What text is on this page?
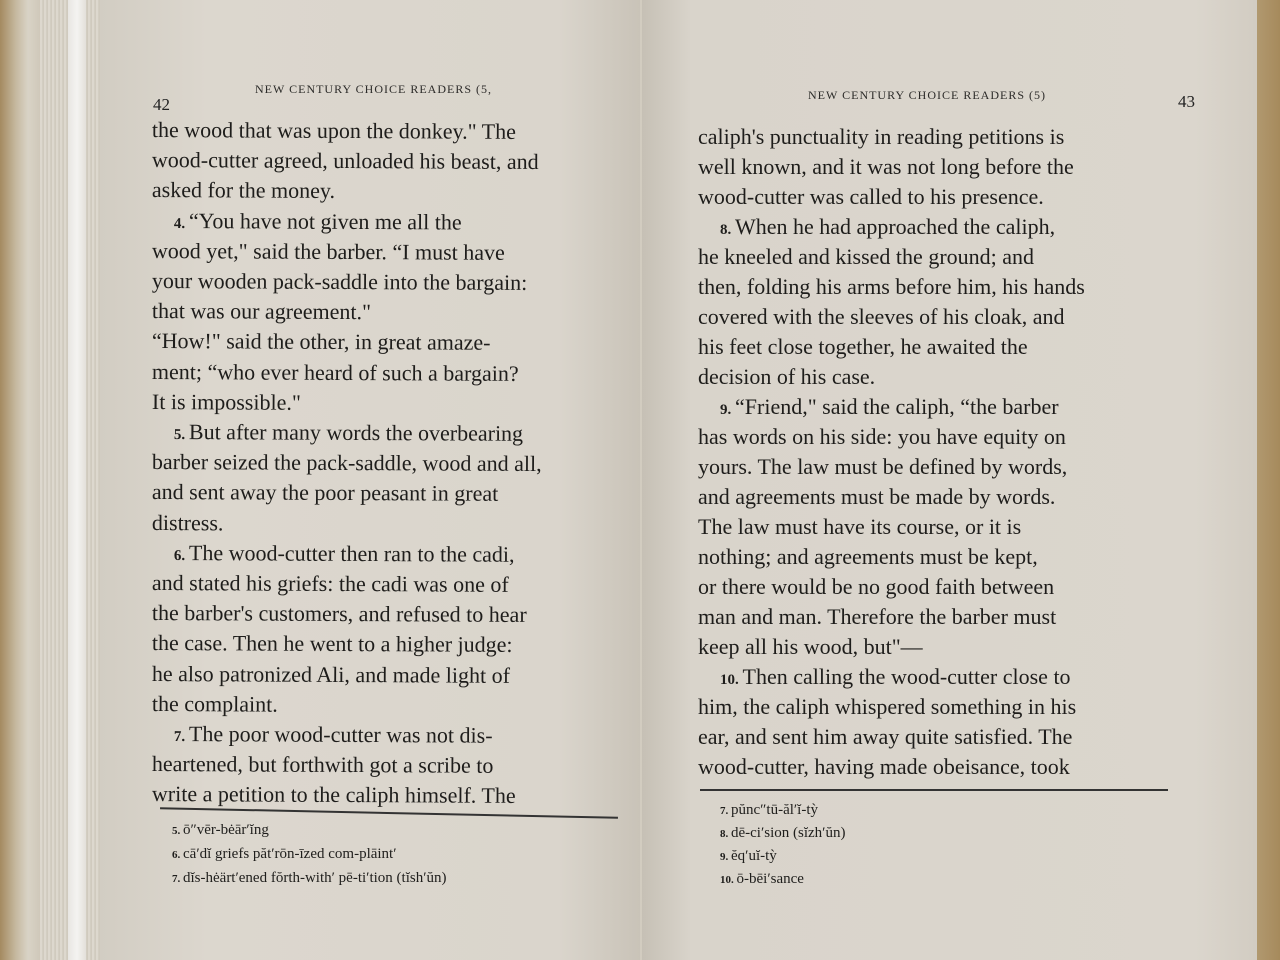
42
NEW CENTURY CHOICE READERS (5,
the wood that was upon the donkey." The
wood-cutter agreed, unloaded his beast, and
asked for the money.
4. “You have not given me all the
wood yet," said the barber. “I must have
your wooden pack-saddle into the bargain:
that was our agreement."
“How!" said the other, in great amaze-
ment; “who ever heard of such a bargain?
It is impossible."
5. But after many words the overbearing
barber seized the pack-saddle, wood and all,
and sent away the poor peasant in great
distress.
6. The wood-cutter then ran to the cadi,
and stated his griefs: the cadi was one of
the barber's customers, and refused to hear
the case. Then he went to a higher judge:
he also patronized Ali, and made light of
the complaint.
7. The poor wood-cutter was not dis-
heartened, but forthwith got a scribe to
write a petition to the caliph himself. The
5. ō″vēr-bėār′ĭng
6. cā′dĭ griefs păt′rōn-īzed com-plāint′
7. dĭs-hėärt′ened fŏrth-with′ pē-ti′tion (tĭsh′ŭn)
NEW CENTURY CHOICE READERS (5)	43
caliph's punctuality in reading petitions is
well known, and it was not long before the
wood-cutter was called to his presence.
8. When he had approached the caliph,
he kneeled and kissed the ground; and
then, folding his arms before him, his hands
covered with the sleeves of his cloak, and
his feet close together, he awaited the
decision of his case.
9. “Friend," said the caliph, “the barber
has words on his side: you have equity on
yours. The law must be defined by words,
and agreements must be made by words.
The law must have its course, or it is
nothing; and agreements must be kept,
or there would be no good faith between
man and man. Therefore the barber must
keep all his wood, but"—
10. Then calling the wood-cutter close to
him, the caliph whispered something in his
ear, and sent him away quite satisfied. The
wood-cutter, having made obeisance, took
7. pŭnc″tū-ăl′ĭ-tỳ
8. dē-ci′sion (sĭzh′ŭn)
9. ĕq′uĭ-tỳ
10. ō-bēi′sance
